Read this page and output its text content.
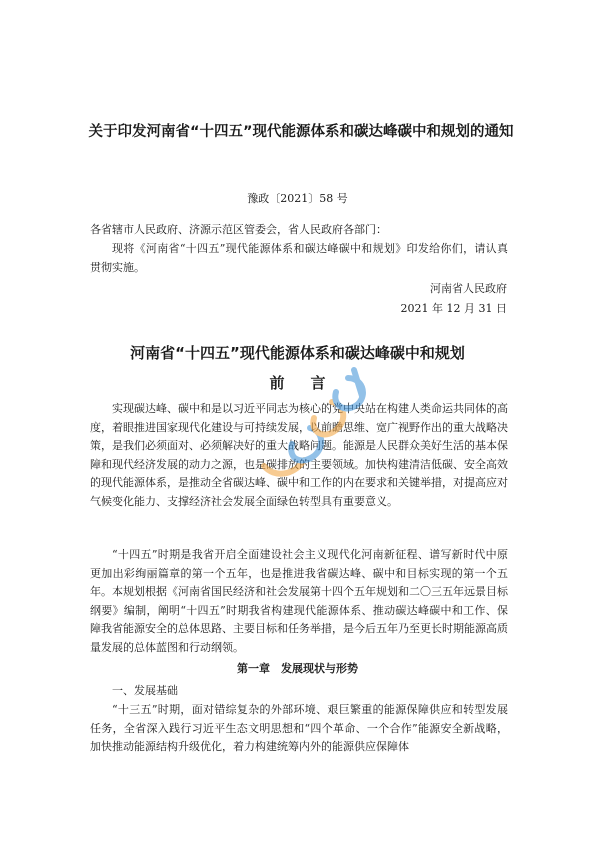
关于印发河南省“十四五”现代能源体系和碳达峰碳中和规划的通知
豫政〔2021〕58 号

各省辖市人民政府、济源示范区管委会，省人民政府各部门：

现将《河南省“十四五”现代能源体系和碳达峰碳中和规划》印发给你们，请认真贯彻实施。

河南省人民政府
2021 年 12 月 31 日
河南省“十四五”现代能源体系和碳达峰碳中和规划
前言

实现碳达峰、碳中和是以习近平同志为核心的党中央站在构建人类命运共同体的高度，着眼推进国家现代化建设与可持续发展，以前瞻思维、宽广视野作出的重大战略决策，是我们必须面对、必须解决好的重大战略问题。能源是人民群众美好生活的基本保障和现代经济发展的动力之源，也是碳排放的主要领域。加快构建清洁低碳、安全高效的现代能源体系，是推动全省碳达峰、碳中和工作的内在要求和关键举措，对提高应对气候变化能力、支撑经济社会发展全面绿色转型具有重要意义。

“十四五”时期是我省开启全面建设社会主义现代化河南新征程、谱写新时代中原更加出彩绚丽篇章的第一个五年，也是推进我省碳达峰、碳中和目标实现的第一个五年。本规划根据《河南省国民经济和社会发展第十四个五年规划和二〇三五年远景目标纲要》编制，阐明“十四五”时期我省构建现代能源体系、推动碳达峰碳中和工作、保障我省能源安全的总体思路、主要目标和任务举措，是今后五年乃至更长时期能源高质量发展的总体蓝图和行动纲领。

第一章　发展现状与形势
一、发展基础

“十三五”时期，面对错综复杂的外部环境、艰巨繁重的能源保障供应和转型发展任务，全省深入践行习近平生态文明思想和“四个革命、一个合作”能源安全新战略，加快推动能源结构升级优化，着力构建统筹内外的能源供应保障体
